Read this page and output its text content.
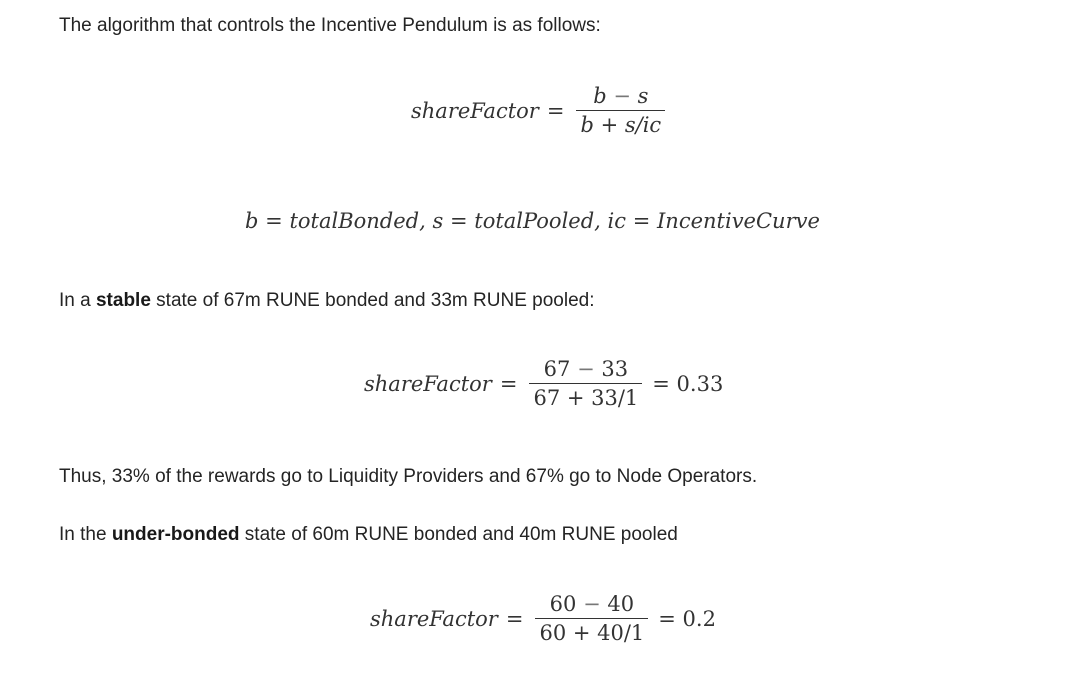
The algorithm that controls the Incentive Pendulum is as follows:
shareFactor = $\frac{b - s}{b + s/ic}$
b = totalBonded, s = totalPooled, ic = IncentiveCurve
In a stable state of 67m RUNE bonded and 33m RUNE pooled:
shareFactor = $\frac{67 - 33}{67 + 33/1} = 0.33$
Thus, 33% of the rewards go to Liquidity Providers and 67% go to Node Operators.
In the under-bonded state of 60m RUNE bonded and 40m RUNE pooled
shareFactor = $\frac{60 - 40}{60 + 40/1} = 0.2$
